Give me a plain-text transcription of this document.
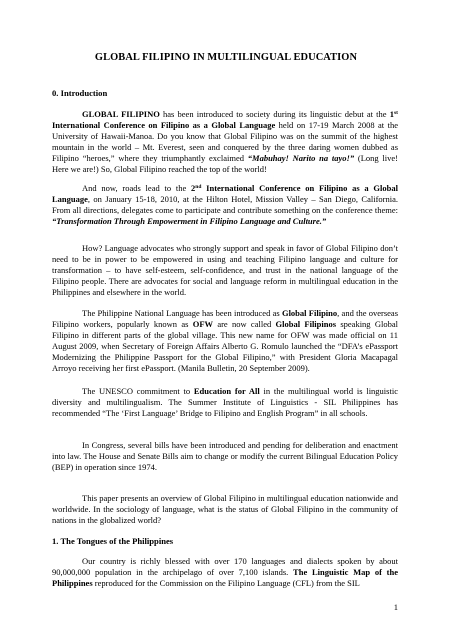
GLOBAL FILIPINO IN MULTILINGUAL EDUCATION

0. Introduction

GLOBAL FILIPINO has been introduced to society during its linguistic debut at the 1st International Conference on Filipino as a Global Language held on 17-19 March 2008 at the University of Hawaii-Manoa. Do you know that Global Filipino was on the summit of the highest mountain in the world – Mt. Everest, seen and conquered by the three daring women dubbed as Filipino “heroes,” where they triumphantly exclaimed “Mabuhay! Narito na tayo!” (Long live! Here we are!) So, Global Filipino reached the top of the world!

And now, roads lead to the 2nd International Conference on Filipino as a Global Language, on January 15-18, 2010, at the Hilton Hotel, Mission Valley – San Diego, California. From all directions, delegates come to participate and contribute something on the conference theme: “Transformation Through Empowerment in Filipino Language and Culture.”

How? Language advocates who strongly support and speak in favor of Global Filipino don’t need to be in power to be empowered in using and teaching Filipino language and culture for transformation – to have self-esteem, self-confidence, and trust in the national language of the Filipino people. There are advocates for social and language reform in multilingual education in the Philippines and elsewhere in the world.

The Philippine National Language has been introduced as Global Filipino, and the overseas Filipino workers, popularly known as OFW are now called Global Filipinos speaking Global Filipino in different parts of the global village. This new name for OFW was made official on 11 August 2009, when Secretary of Foreign Affairs Alberto G. Romulo launched the “DFA’s ePassport Modernizing the Philippine Passport for the Global Filipino,” with President Gloria Macapagal Arroyo receiving her first ePassport. (Manila Bulletin, 20 September 2009).

The UNESCO commitment to Education for All in the multilingual world is linguistic diversity and multilingualism. The Summer Institute of Linguistics - SIL Philippines has recommended “The ‘First Language’ Bridge to Filipino and English Program” in all schools.

In Congress, several bills have been introduced and pending for deliberation and enactment into law. The House and Senate Bills aim to change or modify the current Bilingual Education Policy (BEP) in operation since 1974.

This paper presents an overview of Global Filipino in multilingual education nationwide and worldwide. In the sociology of language, what is the status of Global Filipino in the community of nations in the globalized world?

1. The Tongues of the Philippines

Our country is richly blessed with over 170 languages and dialects spoken by about 90,000,000 population in the archipelago of over 7,100 islands. The Linguistic Map of the Philippines reproduced for the Commission on the Filipino Language (CFL) from the SIL

1
